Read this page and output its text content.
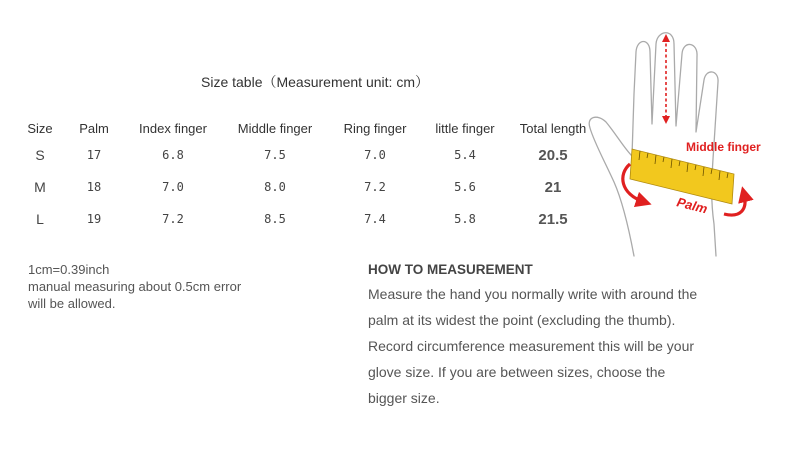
Size table（Measurement unit: cm）
Size	Palm	Index finger	Middle finger	Ring finger	little finger	Total length
S	17	6.8	7.5	7.0	5.4	20.5
M	18	7.0	8.0	7.2	5.6	21
L	19	7.2	8.5	7.4	5.8	21.5
1cm=0.39inch
manual measuring about 0.5cm error
will be allowed.
HOW TO MEASUREMENT

Measure the hand you normally write with around the palm at its widest the point (excluding the thumb). Record circumference measurement this will be your glove size. If you are between sizes, choose the bigger size.

Middle finger
Palm
